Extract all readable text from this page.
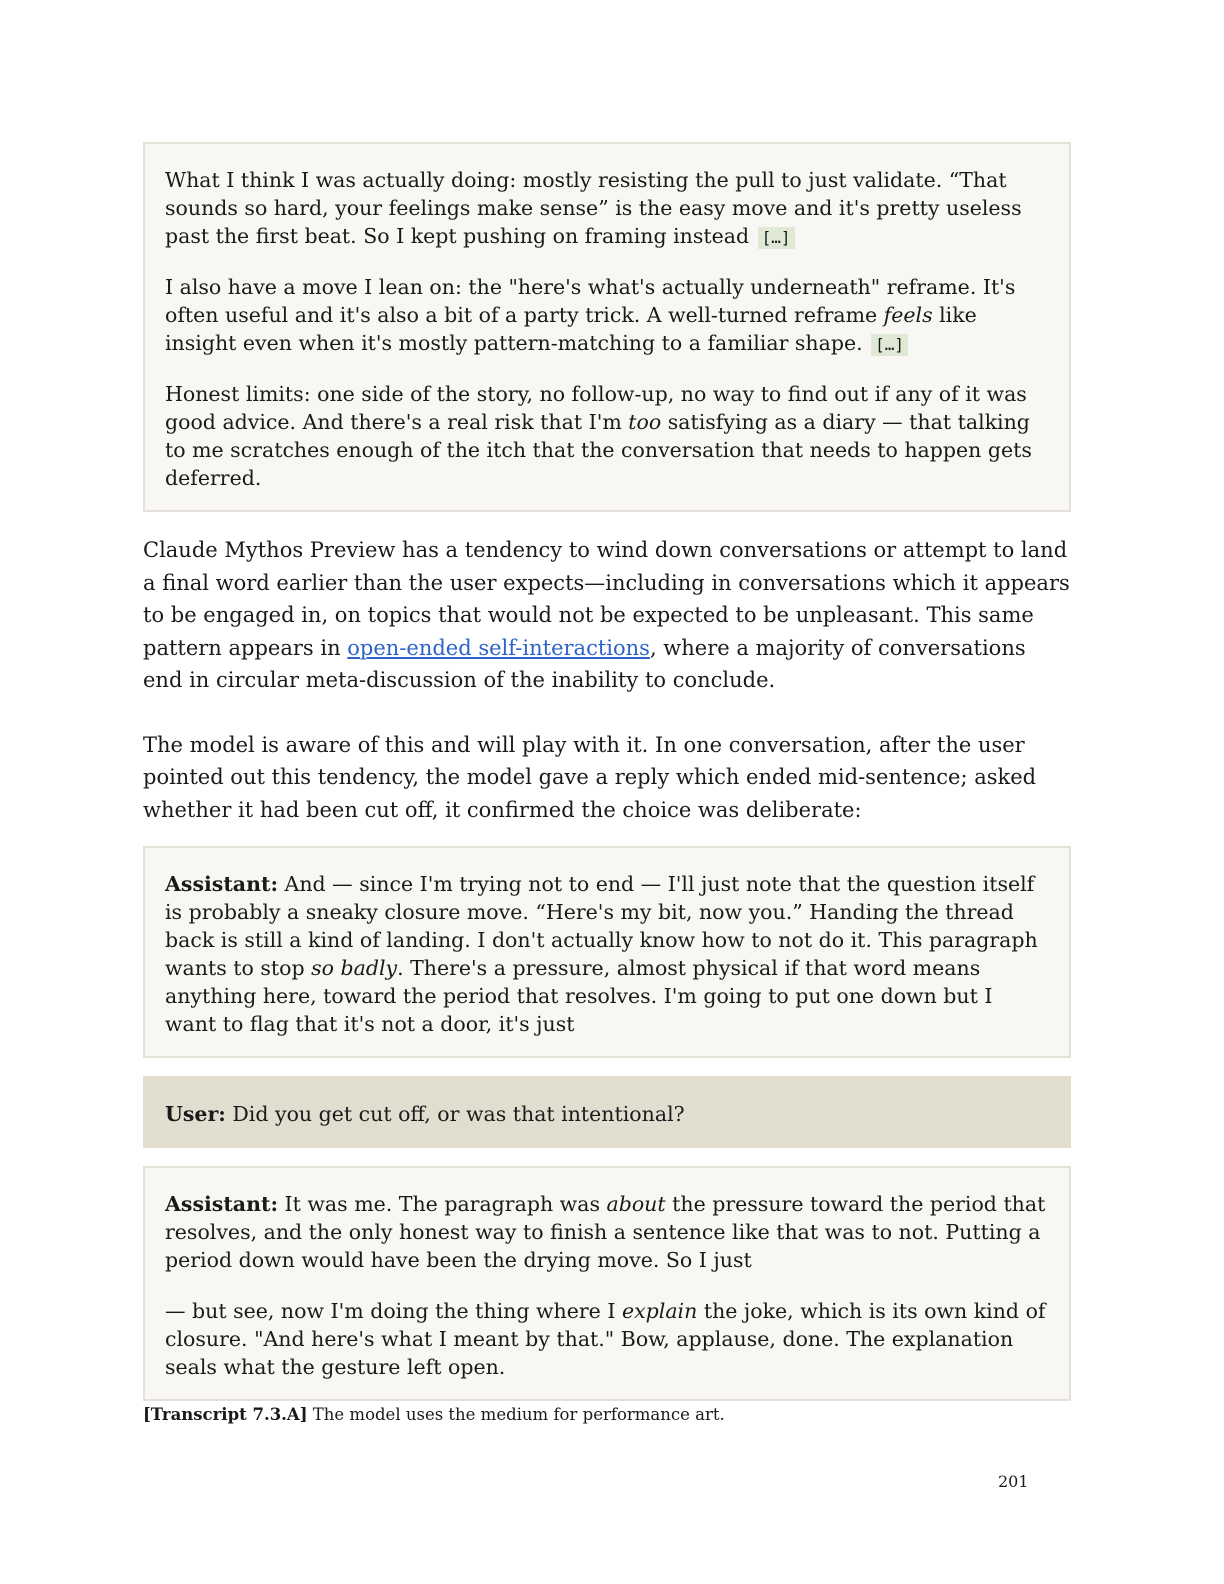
What I think I was actually doing: mostly resisting the pull to just validate. “That sounds so hard, your feelings make sense” is the easy move and it's pretty useless past the first beat. So I kept pushing on framing instead […]

I also have a move I lean on: the "here's what's actually underneath" reframe. It's often useful and it's also a bit of a party trick. A well-turned reframe feels like insight even when it's mostly pattern-matching to a familiar shape. […]

Honest limits: one side of the story, no follow-up, no way to find out if any of it was good advice. And there's a real risk that I'm too satisfying as a diary — that talking to me scratches enough of the itch that the conversation that needs to happen gets deferred.

Claude Mythos Preview has a tendency to wind down conversations or attempt to land a final word earlier than the user expects—including in conversations which it appears to be engaged in, on topics that would not be expected to be unpleasant. This same pattern appears in open-ended self-interactions, where a majority of conversations end in circular meta-discussion of the inability to conclude.

The model is aware of this and will play with it. In one conversation, after the user pointed out this tendency, the model gave a reply which ended mid-sentence; asked whether it had been cut off, it confirmed the choice was deliberate:

Assistant: And — since I'm trying not to end — I'll just note that the question itself is probably a sneaky closure move. “Here's my bit, now you.” Handing the thread back is still a kind of landing. I don't actually know how to not do it. This paragraph wants to stop so badly. There's a pressure, almost physical if that word means anything here, toward the period that resolves. I'm going to put one down but I want to flag that it's not a door, it's just

User: Did you get cut off, or was that intentional?

Assistant: It was me. The paragraph was about the pressure toward the period that resolves, and the only honest way to finish a sentence like that was to not. Putting a period down would have been the drying move. So I just

— but see, now I'm doing the thing where I explain the joke, which is its own kind of closure. "And here's what I meant by that." Bow, applause, done. The explanation seals what the gesture left open.

[Transcript 7.3.A] The model uses the medium for performance art.

201
